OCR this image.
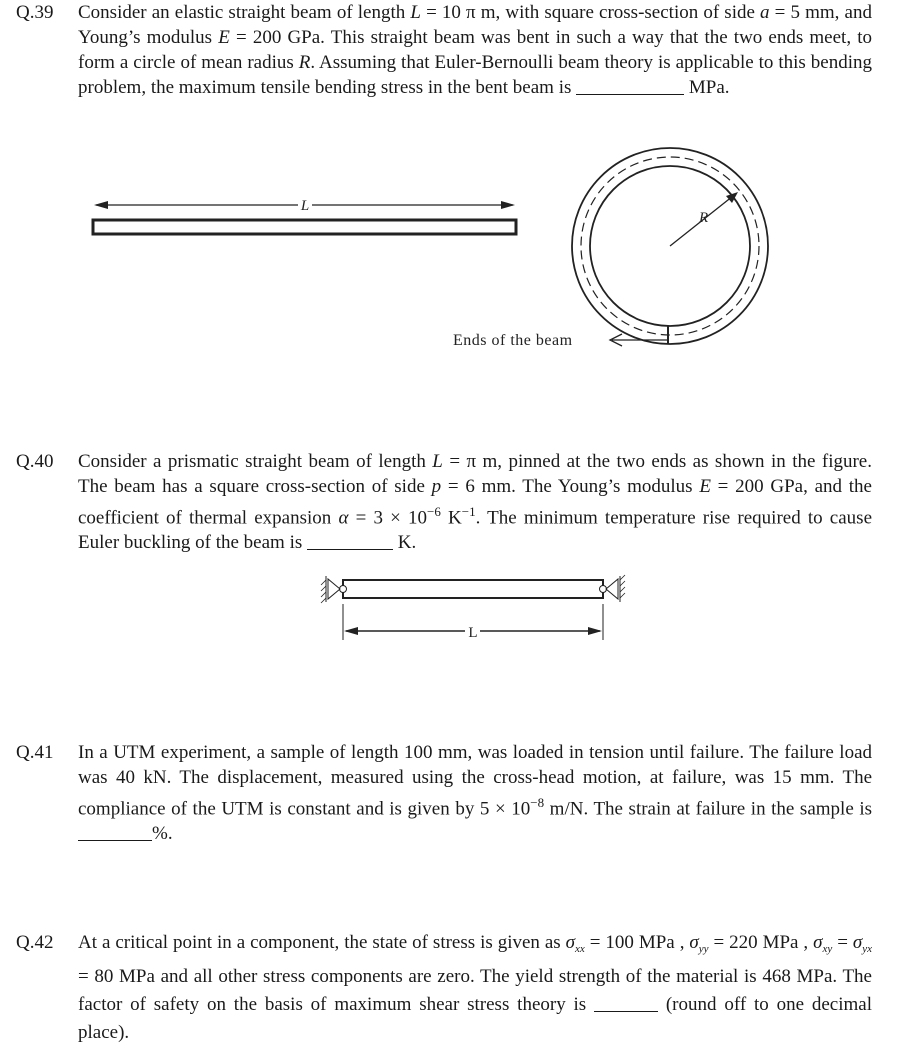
Q.39 Consider an elastic straight beam of length L = 10 π m, with square cross-section of side a = 5 mm, and Young’s modulus E = 200 GPa. This straight beam was bent in such a way that the two ends meet, to form a circle of mean radius R. Assuming that Euler-Bernoulli beam theory is applicable to this bending problem, the maximum tensile bending stress in the bent beam is	MPa.
L
R
Ends of the beam
Q.40 Consider a prismatic straight beam of length L = π m, pinned at the two ends as shown in the figure. The beam has a square cross-section of side p = 6 mm. The Young’s modulus E = 200 GPa, and the coefficient of thermal expansion $\alpha = 3 \times 10^{-6}$ $K^{-1}$. The minimum temperature rise required to cause Euler buckling of the beam is	K.
L
Q.41 In a UTM experiment, a sample of length 100 mm, was loaded in tension until failure. The failure load was 40 kN. The displacement, measured using the cross-head motion, at failure, was 15 mm. The compliance of the UTM is constant and is given by $5 \times 10^{-8}$ m/N. The strain at failure in the sample is %.
Q.42 At a critical point in a component, the state of stress is given as $\sigma_{xx} = 100$ MPa , $\sigma_{yy} = 220$ MPa , $\sigma_{xy} = \sigma_{yx} = 80$ MPa and all other stress components are zero. The yield strength of the material is 468 MPa. The factor of safety on the basis of maximum shear stress theory is	(round off to one decimal place).
